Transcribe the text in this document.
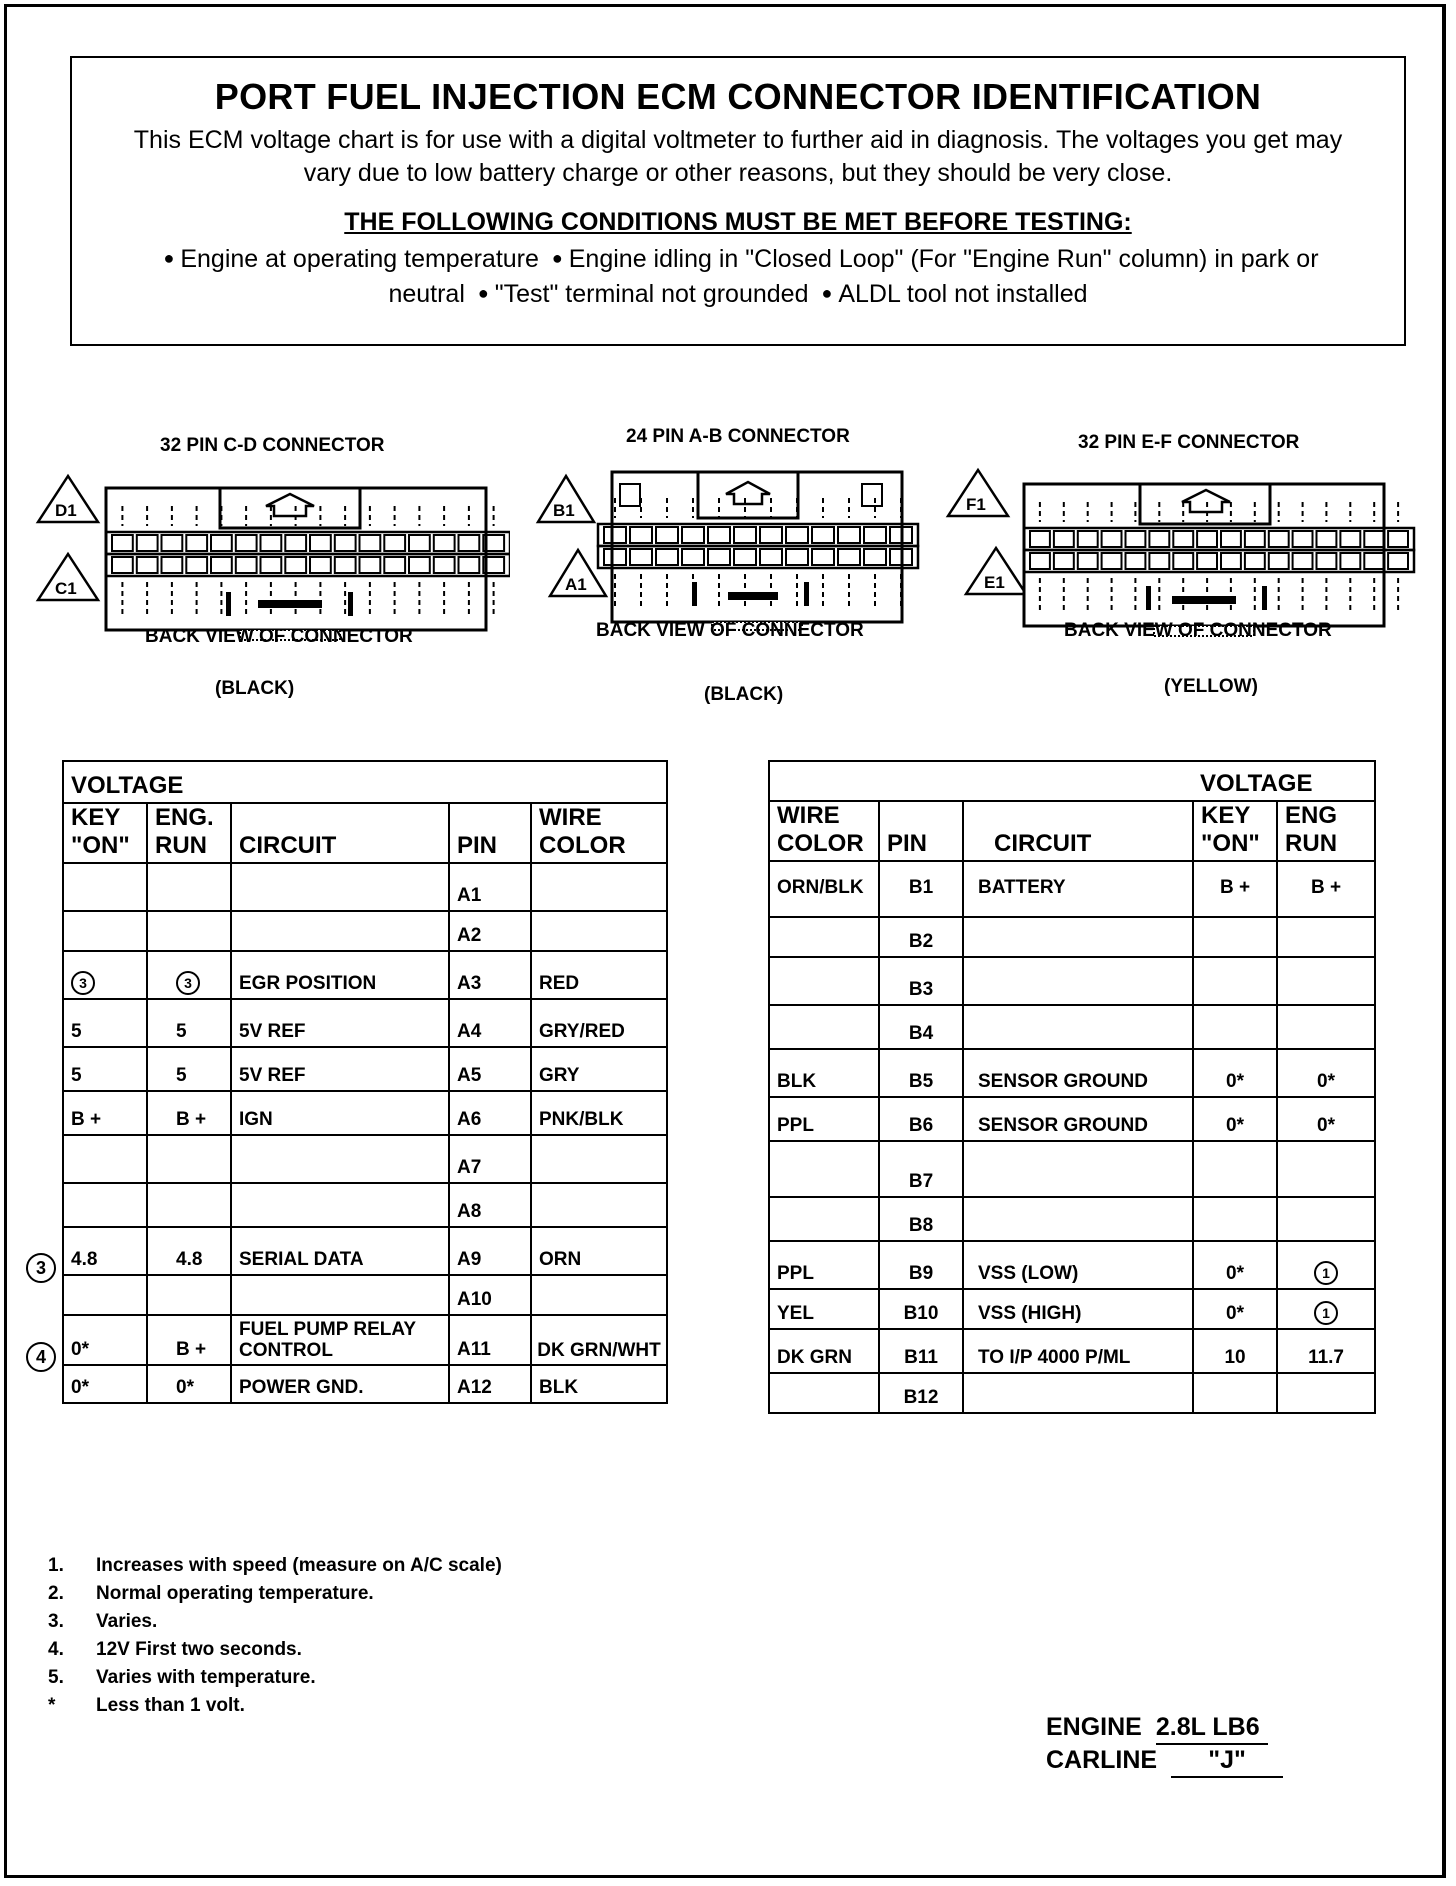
PORT FUEL INJECTION ECM CONNECTOR IDENTIFICATION
This ECM voltage chart is for use with a digital voltmeter to further aid in diagnosis. The voltages you get may vary due to low battery charge or other reasons, but they should be very close.
THE FOLLOWING CONDITIONS MUST BE MET BEFORE TESTING:
● Engine at operating temperature ● Engine idling in "Closed Loop" (For "Engine Run" column) in park or neutral ● "Test" terminal not grounded ● ALDL tool not installed
32 PIN C-D CONNECTOR
D1
C1
BACK VIEW OF CONNECTOR
(BLACK)
24 PIN A-B CONNECTOR
B1
A1
BACK VIEW OF CONNECTOR
(BLACK)
32 PIN E-F CONNECTOR
F1
E1
BACK VIEW OF CONNECTOR
(YELLOW)
VOLTAGE				
KEY "ON"	ENG. RUN	CIRCUIT	PIN	WIRE COLOR
			A1	
			A2	
3	3	EGR POSITION	A3	RED
5	5	5V REF	A4	GRY/RED
5	5	5V REF	A5	GRY
B +	B +	IGN	A6	PNK/BLK
			A7	
			A8	
4.8	4.8	SERIAL DATA	A9	ORN
			A10	
0*	B +	FUEL PUMP RELAY CONTROL	A11	DK GRN/WHT
0*	0*	POWER GND.	A12	BLK
3
4
			VOLTAGE	
WIRE COLOR	PIN	CIRCUIT	KEY "ON"	ENG RUN
ORN/BLK	B1	BATTERY	B +	B +
	B2			
	B3			
	B4			
BLK	B5	SENSOR GROUND	0*	0*
PPL	B6	SENSOR GROUND	0*	0*
	B7			
	B8			
PPL	B9	VSS (LOW)	0*	1
YEL	B10	VSS (HIGH)	0*	1
DK GRN	B11	TO I/P 4000 P/ML	10	11.7
	B12			
1. Increases with speed (measure on A/C scale)
2. Normal operating temperature.
3. Varies.
4. 12V First two seconds.
5. Varies with temperature.
* Less than 1 volt.
ENGINE 2.8L LB6
CARLINE "J"
